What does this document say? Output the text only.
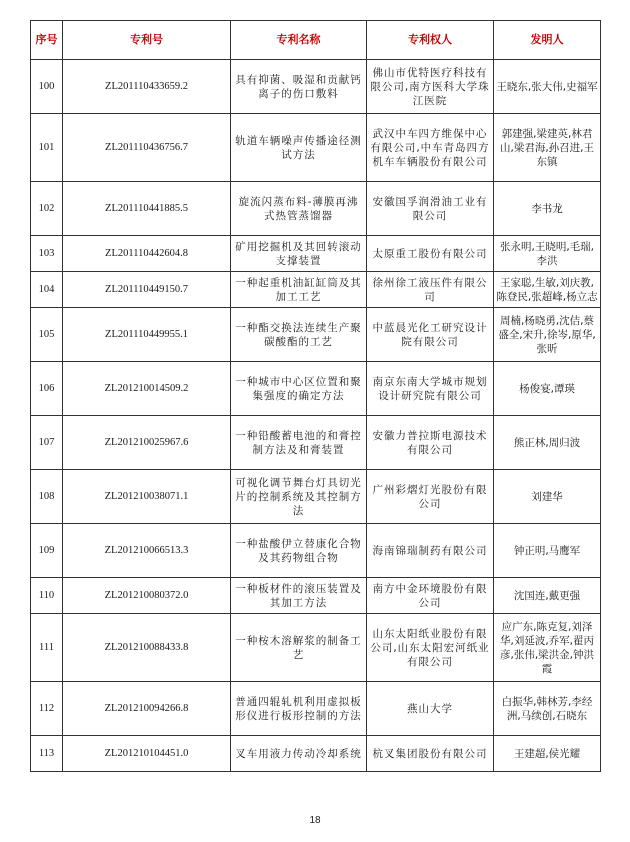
序号	专利号	专利名称	专利权人	发明人
100	ZL201110433659.2	具有抑菌、吸湿和贡献钙离子的伤口敷料	佛山市优特医疗科技有限公司,南方医科大学珠江医院	王晓东,张大伟,史福军
101	ZL201110436756.7	轨道车辆噪声传播途径测试方法	武汉中车四方维保中心有限公司,中车青岛四方机车车辆股份有限公司	郭建强,梁建英,林君山,梁君海,孙召进,王东镇
102	ZL201110441885.5	旋流闪蒸布料-薄膜再沸式热管蒸馏器	安徽国孚润滑油工业有限公司	李书龙
103	ZL201110442604.8	矿用挖掘机及其回转滚动支撑装置	太原重工股份有限公司	张永明,王晓明,毛瑞,李洪
104	ZL201110449150.7	一种起重机油缸缸筒及其加工工艺	徐州徐工液压件有限公司	王家聪,生敏,刘庆教,陈登民,张超峰,杨立志
105	ZL201110449955.1	一种酯交换法连续生产聚碳酸酯的工艺	中蓝晨光化工研究设计院有限公司	周楠,杨晓勇,沈佶,蔡盛全,宋升,徐岑,原华,张昕
106	ZL201210014509.2	一种城市中心区位置和聚集强度的确定方法	南京东南大学城市规划设计研究院有限公司	杨俊宴,谭瑛
107	ZL201210025967.6	一种铅酸蓄电池的和膏控制方法及和膏装置	安徽力普拉斯电源技术有限公司	熊正林,周归波
108	ZL201210038071.1	可视化调节舞台灯具切光片的控制系统及其控制方法	广州彩熠灯光股份有限公司	刘建华
109	ZL201210066513.3	一种盐酸伊立替康化合物及其药物组合物	海南锦瑞制药有限公司	钟正明,马鹰军
110	ZL201210080372.0	一种板材件的滚压装置及其加工方法	南方中金环境股份有限公司	沈国连,戴更强
111	ZL201210088433.8	一种桉木溶解浆的制备工艺	山东太阳纸业股份有限公司,山东太阳宏河纸业有限公司	应广东,陈克复,刘泽华,刘延波,乔军,翟丙彦,张伟,梁洪金,钟洪霞
112	ZL201210094266.8	普通四辊轧机利用虚拟板形仪进行板形控制的方法	燕山大学	白振华,韩林芳,李经洲,马续创,石晓东
113	ZL201210104451.0	叉车用液力传动冷却系统	杭叉集团股份有限公司	王建超,侯光耀
18
